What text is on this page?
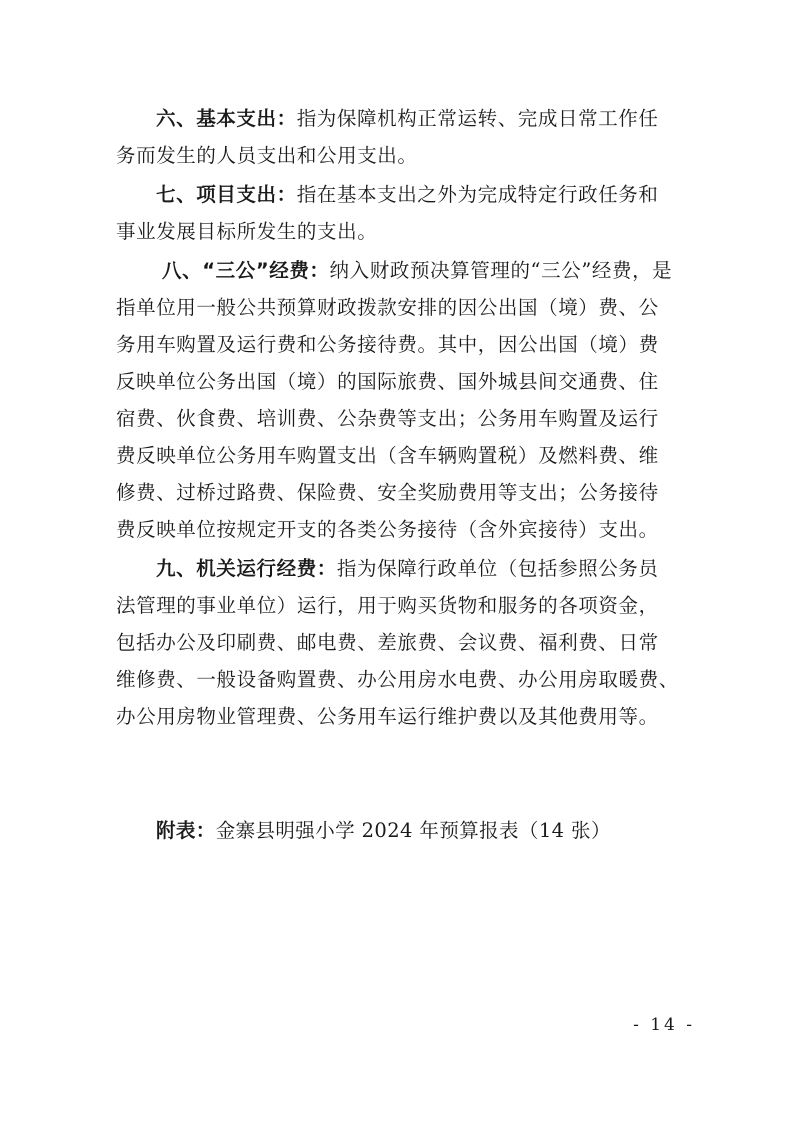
六、基本支出：指为保障机构正常运转、完成日常工作任
务而发生的人员支出和公用支出。
七、项目支出：指在基本支出之外为完成特定行政任务和
事业发展目标所发生的支出。
八、“三公”经费：纳入财政预决算管理的“三公”经费，是
指单位用一般公共预算财政拨款安排的因公出国（境）费、公
务用车购置及运行费和公务接待费。其中，因公出国（境）费
反映单位公务出国（境）的国际旅费、国外城县间交通费、住
宿费、伙食费、培训费、公杂费等支出；公务用车购置及运行
费反映单位公务用车购置支出（含车辆购置税）及燃料费、维
修费、过桥过路费、保险费、安全奖励费用等支出；公务接待
费反映单位按规定开支的各类公务接待（含外宾接待）支出。
九、机关运行经费：指为保障行政单位（包括参照公务员
法管理的事业单位）运行，用于购买货物和服务的各项资金，
包括办公及印刷费、邮电费、差旅费、会议费、福利费、日常
维修费、一般设备购置费、办公用房水电费、办公用房取暖费、
办公用房物业管理费、公务用车运行维护费以及其他费用等。
附表：金寨县明强小学 2024 年预算报表（14 张）
- 14 -
